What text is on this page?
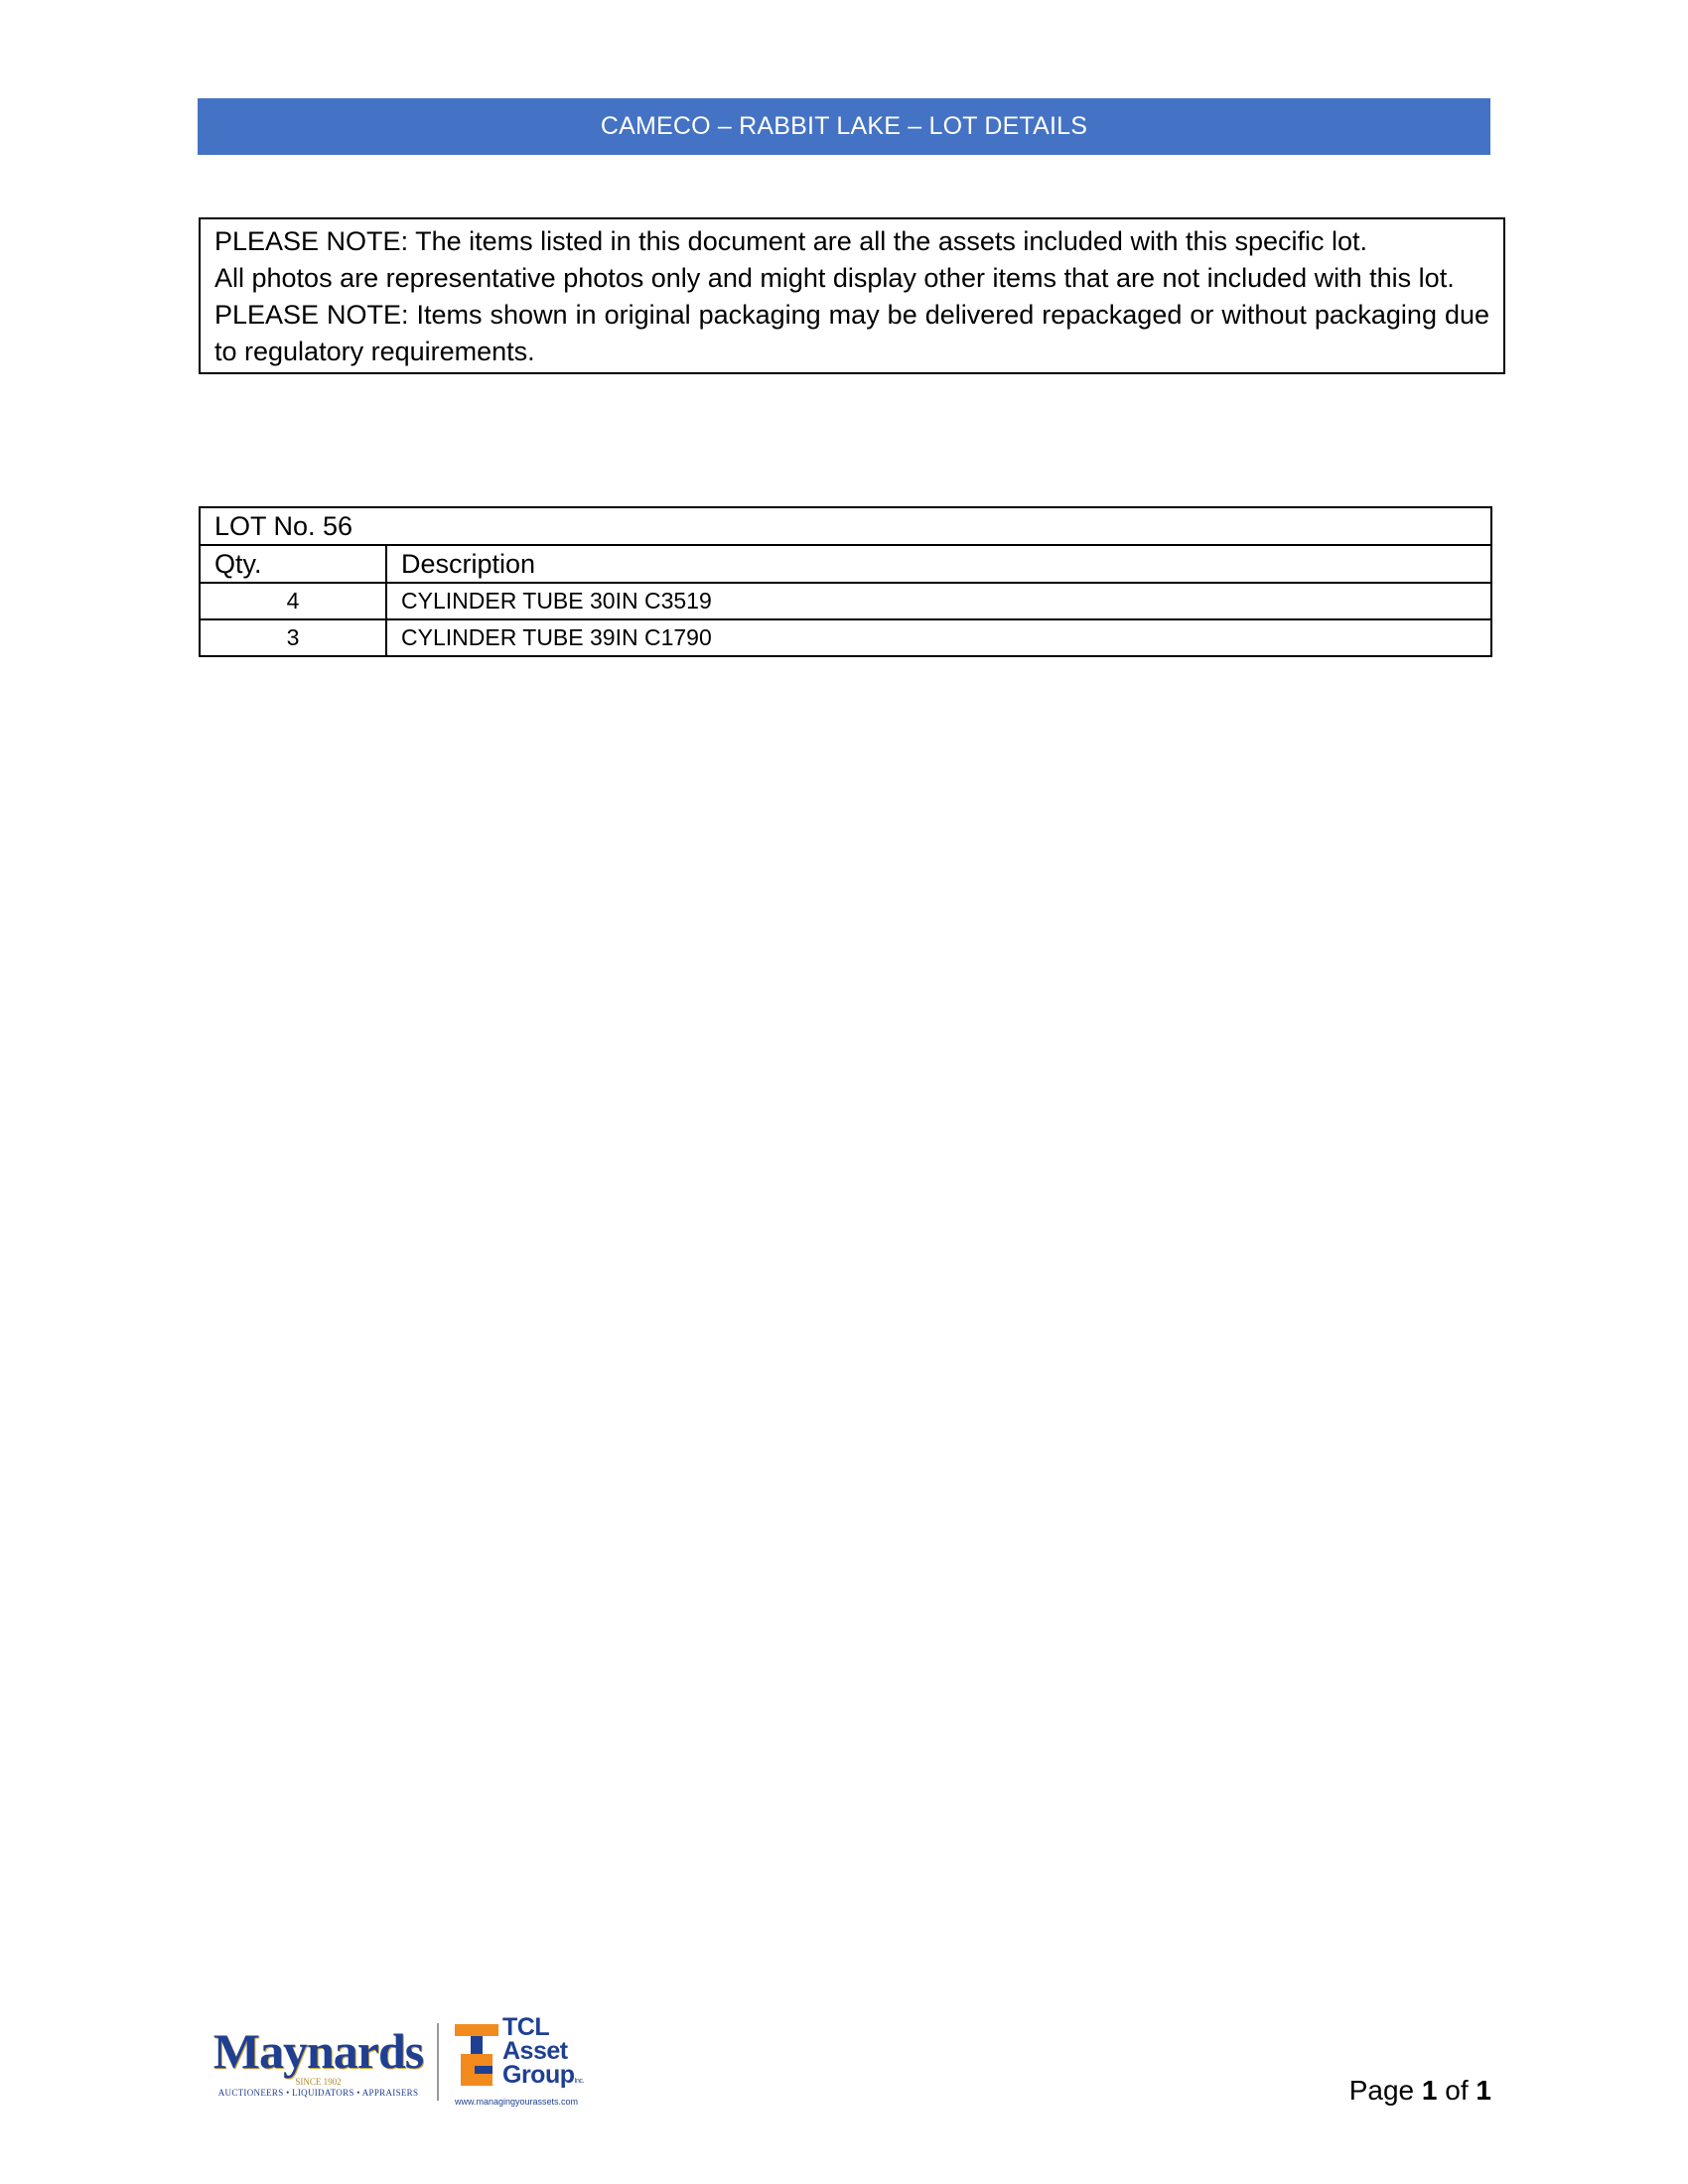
CAMECO – RABBIT LAKE – LOT DETAILS

PLEASE NOTE: The items listed in this document are all the assets included with this specific lot.

All photos are representative photos only and might display other items that are not included with this lot.

PLEASE NOTE: Items shown in original packaging may be delivered repackaged or without packaging due to regulatory requirements.

LOT No. 56	
Qty.	Description
4	CYLINDER TUBE 30IN C3519
3	CYLINDER TUBE 39IN C1790
Maynards
SINCE 1902
AUCTIONEERS • LIQUIDATORS • APPRAISERS
TCL
Asset
GroupInc.
www.managingyourassets.com	Page 1 of 1
